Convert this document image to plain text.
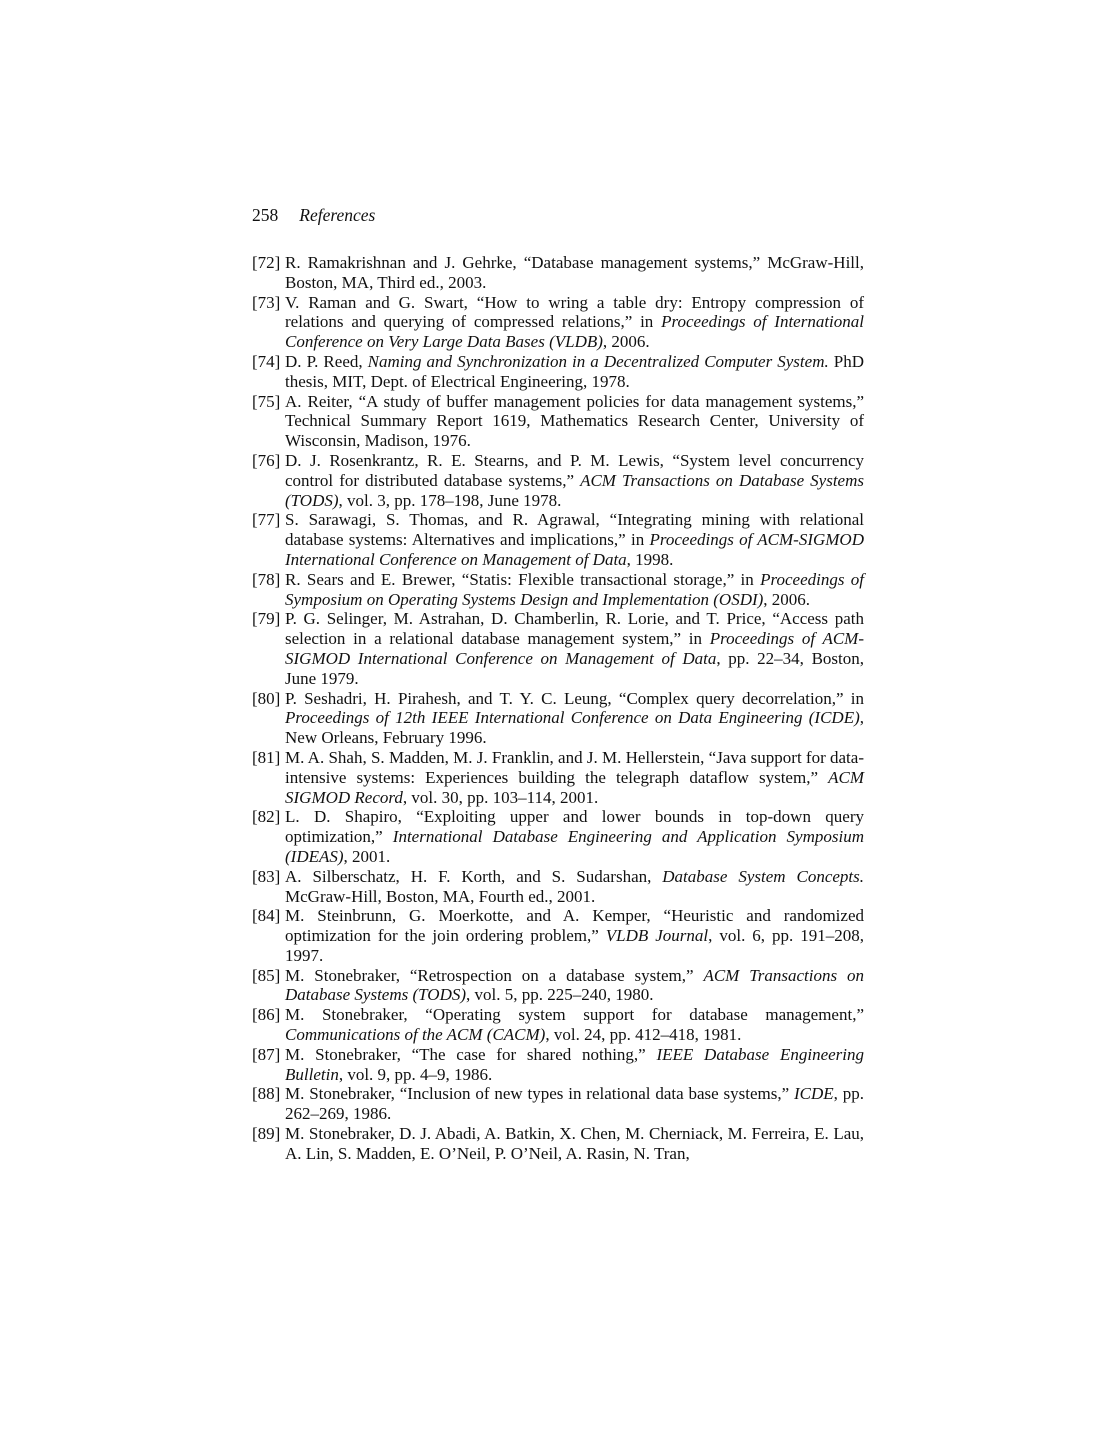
258 References
[72] R. Ramakrishnan and J. Gehrke, “Database management systems,” McGraw-Hill, Boston, MA, Third ed., 2003.
[73] V. Raman and G. Swart, “How to wring a table dry: Entropy compression of relations and querying of compressed relations,” in Proceedings of International Conference on Very Large Data Bases (VLDB), 2006.
[74] D. P. Reed, Naming and Synchronization in a Decentralized Computer System. PhD thesis, MIT, Dept. of Electrical Engineering, 1978.
[75] A. Reiter, “A study of buffer management policies for data management systems,” Technical Summary Report 1619, Mathematics Research Center, University of Wisconsin, Madison, 1976.
[76] D. J. Rosenkrantz, R. E. Stearns, and P. M. Lewis, “System level concurrency control for distributed database systems,” ACM Transactions on Database Systems (TODS), vol. 3, pp. 178–198, June 1978.
[77] S. Sarawagi, S. Thomas, and R. Agrawal, “Integrating mining with relational database systems: Alternatives and implications,” in Proceedings of ACM-SIGMOD International Conference on Management of Data, 1998.
[78] R. Sears and E. Brewer, “Statis: Flexible transactional storage,” in Proceedings of Symposium on Operating Systems Design and Implementation (OSDI), 2006.
[79] P. G. Selinger, M. Astrahan, D. Chamberlin, R. Lorie, and T. Price, “Access path selection in a relational database management system,” in Proceedings of ACM-SIGMOD International Conference on Management of Data, pp. 22–34, Boston, June 1979.
[80] P. Seshadri, H. Pirahesh, and T. Y. C. Leung, “Complex query decorrelation,” in Proceedings of 12th IEEE International Conference on Data Engineering (ICDE), New Orleans, February 1996.
[81] M. A. Shah, S. Madden, M. J. Franklin, and J. M. Hellerstein, “Java support for data-intensive systems: Experiences building the telegraph dataflow system,” ACM SIGMOD Record, vol. 30, pp. 103–114, 2001.
[82] L. D. Shapiro, “Exploiting upper and lower bounds in top-down query optimization,” International Database Engineering and Application Symposium (IDEAS), 2001.
[83] A. Silberschatz, H. F. Korth, and S. Sudarshan, Database System Concepts. McGraw-Hill, Boston, MA, Fourth ed., 2001.
[84] M. Steinbrunn, G. Moerkotte, and A. Kemper, “Heuristic and randomized optimization for the join ordering problem,” VLDB Journal, vol. 6, pp. 191–208, 1997.
[85] M. Stonebraker, “Retrospection on a database system,” ACM Transactions on Database Systems (TODS), vol. 5, pp. 225–240, 1980.
[86] M. Stonebraker, “Operating system support for database management,” Communications of the ACM (CACM), vol. 24, pp. 412–418, 1981.
[87] M. Stonebraker, “The case for shared nothing,” IEEE Database Engineering Bulletin, vol. 9, pp. 4–9, 1986.
[88] M. Stonebraker, “Inclusion of new types in relational data base systems,” ICDE, pp. 262–269, 1986.
[89] M. Stonebraker, D. J. Abadi, A. Batkin, X. Chen, M. Cherniack, M. Ferreira, E. Lau, A. Lin, S. Madden, E. O’Neil, P. O’Neil, A. Rasin, N. Tran,
